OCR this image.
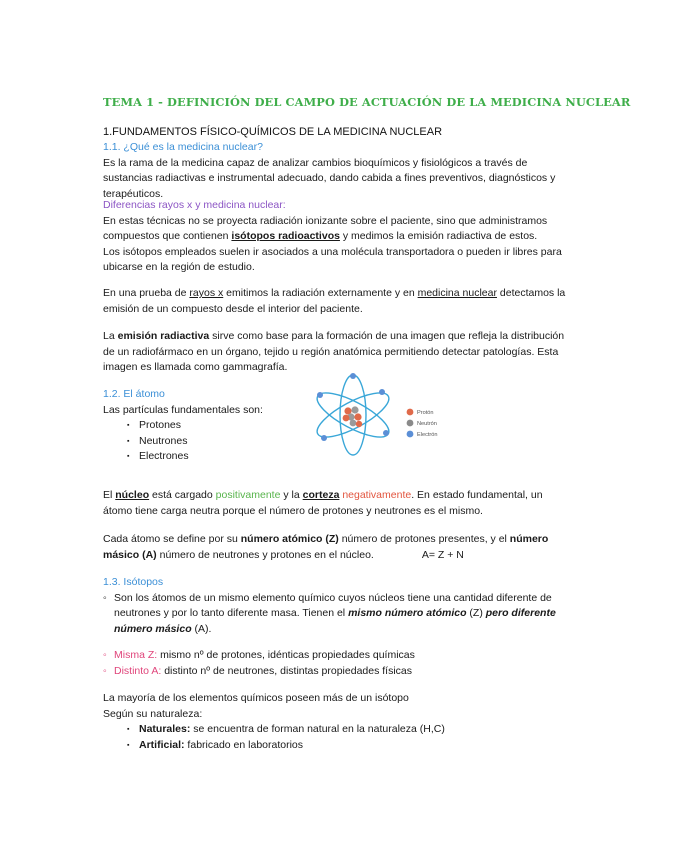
TEMA 1 - DEFINICIÓN DEL CAMPO DE ACTUACIÓN DE LA MEDICINA NUCLEAR
1.FUNDAMENTOS FÍSICO-QUÍMICOS DE LA MEDICINA NUCLEAR
1.1. ¿Qué es la medicina nuclear?
Es la rama de la medicina capaz de analizar cambios bioquímicos y fisiológicos a través de sustancias radiactivas e instrumental adecuado, dando cabida a fines preventivos, diagnósticos y terapéuticos.
Diferencias rayos x y medicina nuclear:
En estas técnicas no se proyecta radiación ionizante sobre el paciente, sino que administramos compuestos que contienen isótopos radioactivos y medimos la emisión radiactiva de estos.
Los isótopos empleados suelen ir asociados a una molécula transportadora o pueden ir libres para ubicarse en la región de estudio.
En una prueba de rayos x emitimos la radiación externamente y en medicina nuclear detectamos la emisión de un compuesto desde el interior del paciente.
La emisión radiactiva sirve como base para la formación de una imagen que refleja la distribución de un radiofármaco en un órgano, tejido u región anatómica permitiendo detectar patologías. Esta imagen es llamada como gammagrafía.
1.2. El átomo
Las partículas fundamentales son:
▪ Protones
▪ Neutrones
▪ Electrones
Protón
Neutrón
Electrón
El núcleo está cargado positivamente y la corteza negativamente. En estado fundamental, un átomo tiene carga neutra porque el número de protones y neutrones es el mismo.
Cada átomo se define por su número atómico (Z) número de protones presentes, y el número másico (A) número de neutrones y protones en el núcleo.	A= Z + N
1.3. Isótopos
◦ Son los átomos de un mismo elemento químico cuyos núcleos tiene una cantidad diferente de neutrones y por lo tanto diferente masa. Tienen el mismo número atómico (Z) pero diferente número másico (A).
◦ Misma Z: mismo nº de protones, idénticas propiedades químicas
◦ Distinto A: distinto nº de neutrones, distintas propiedades físicas
La mayoría de los elementos químicos poseen más de un isótopo
Según su naturaleza:
▪ Naturales: se encuentra de forman natural en la naturaleza (H,C)
▪ Artificial: fabricado en laboratorios
